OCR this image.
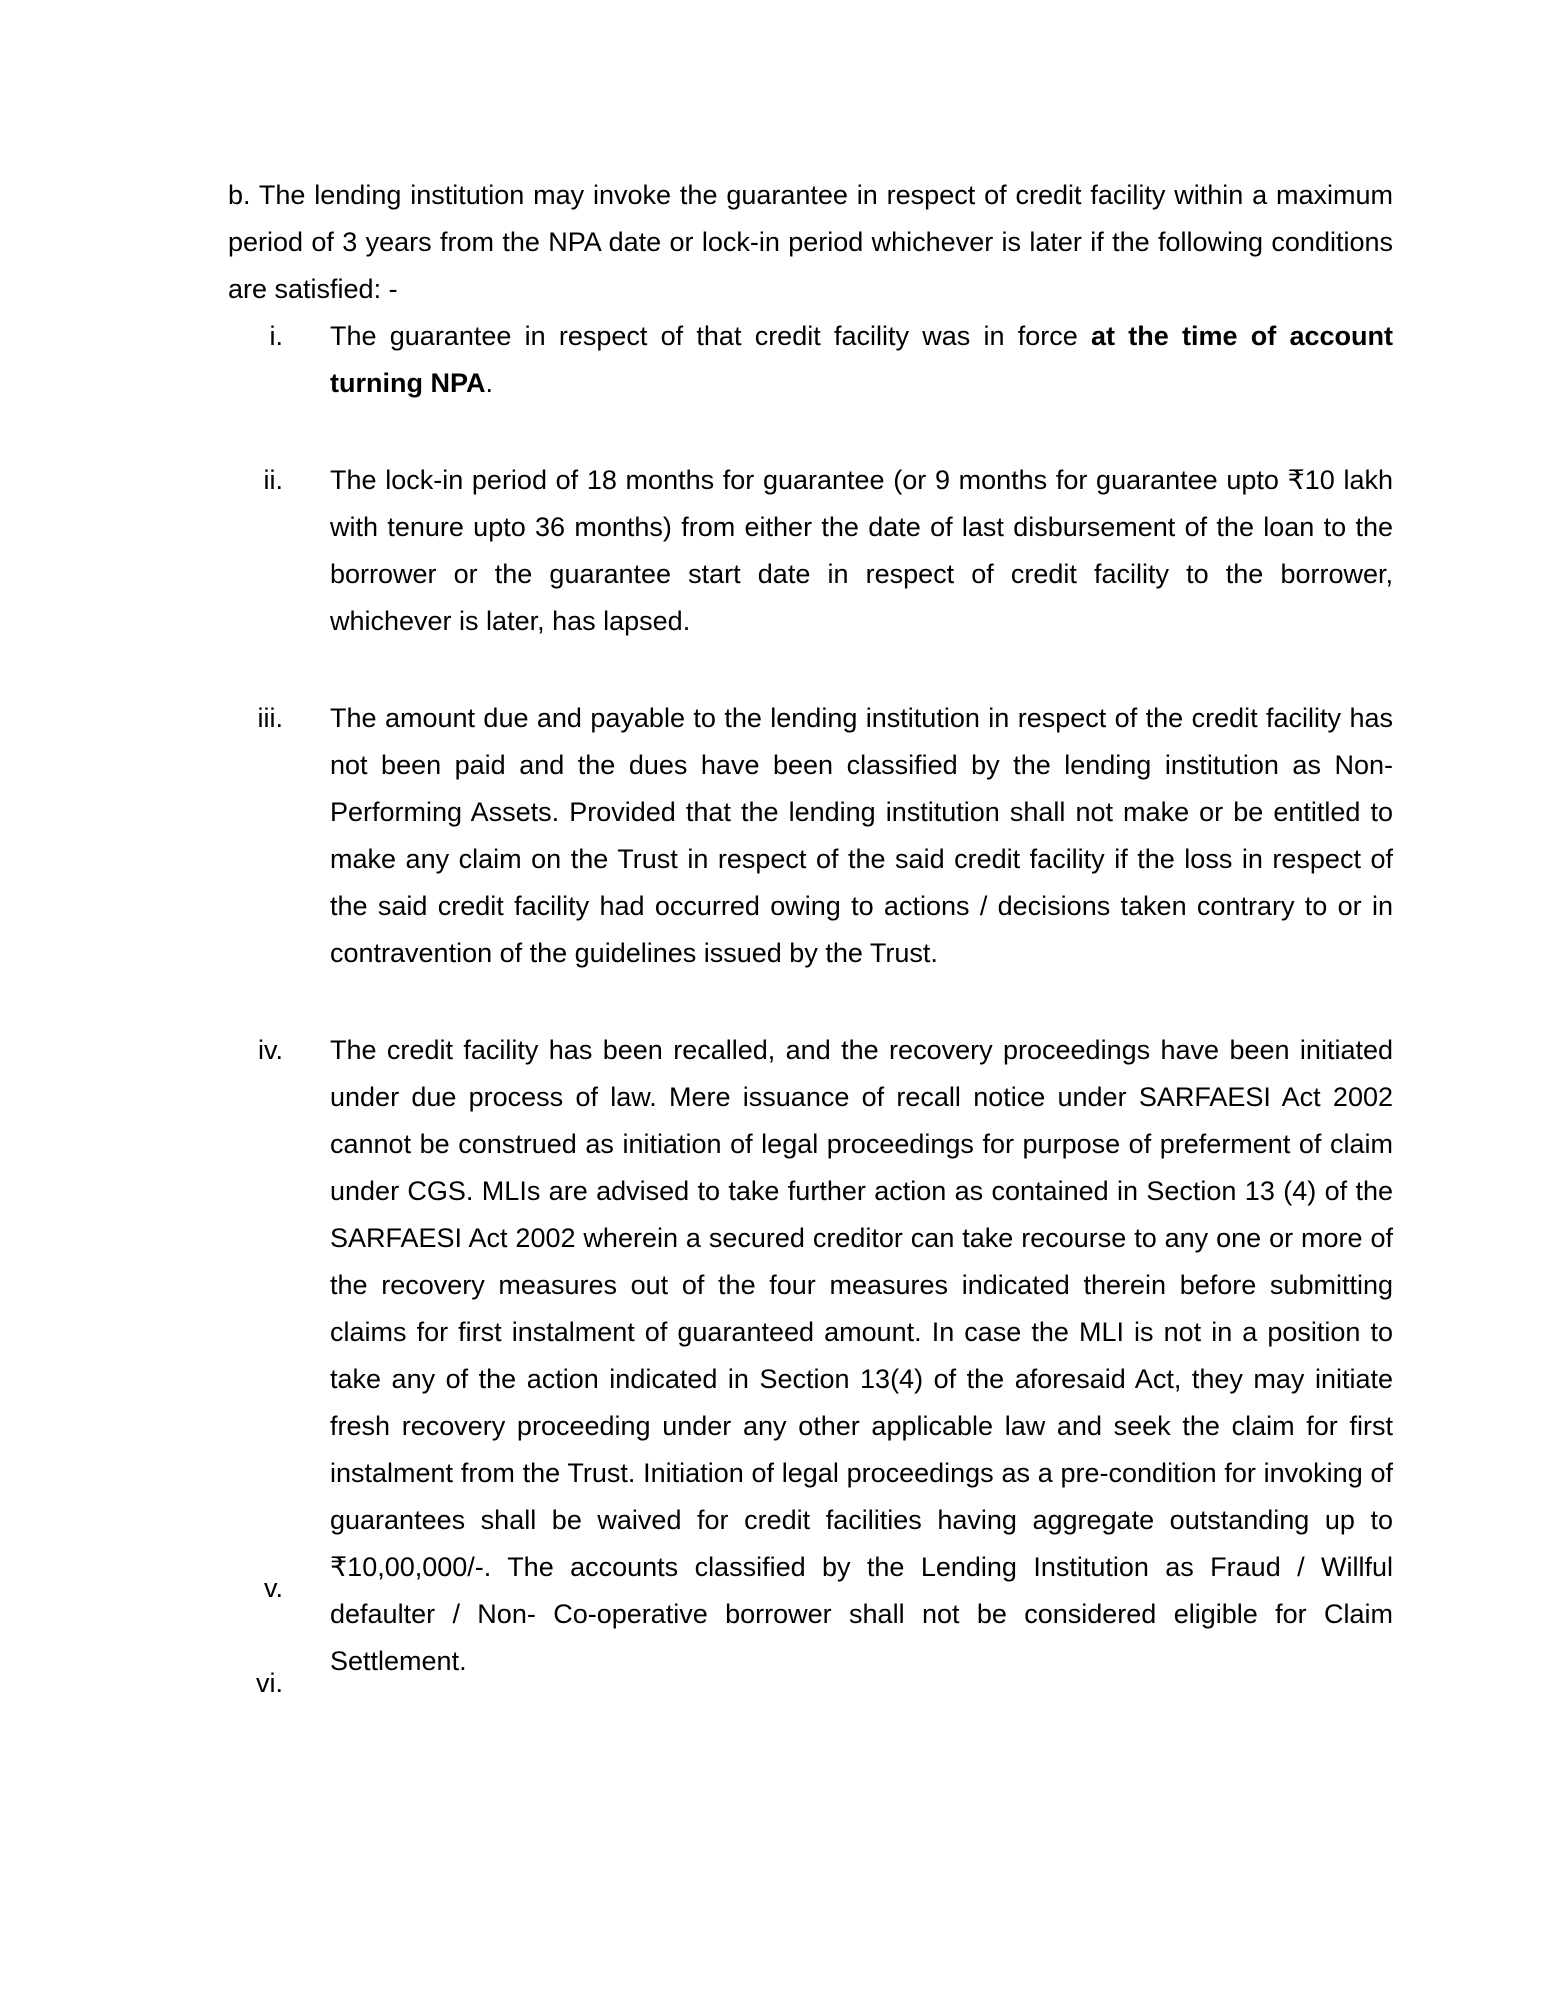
b. The lending institution may invoke the guarantee in respect of credit facility within a maximum period of 3 years from the NPA date or lock-in period whichever is later if the following conditions are satisfied: -

i. The guarantee in respect of that credit facility was in force at the time of account turning NPA.
ii. The lock-in period of 18 months for guarantee (or 9 months for guarantee upto ₹10 lakh with tenure upto 36 months) from either the date of last disbursement of the loan to the borrower or the guarantee start date in respect of credit facility to the borrower, whichever is later, has lapsed.
iii. The amount due and payable to the lending institution in respect of the credit facility has not been paid and the dues have been classified by the lending institution as Non-Performing Assets. Provided that the lending institution shall not make or be entitled to make any claim on the Trust in respect of the said credit facility if the loss in respect of the said credit facility had occurred owing to actions / decisions taken contrary to or in contravention of the guidelines issued by the Trust.
iv. The credit facility has been recalled, and the recovery proceedings have been initiated under due process of law. Mere issuance of recall notice under SARFAESI Act 2002 cannot be construed as initiation of legal proceedings for purpose of preferment of claim under CGS. MLIs are advised to take further action as contained in Section 13 (4) of the SARFAESI Act 2002 wherein a secured creditor can take recourse to any one or more of the recovery measures out of the four measures indicated therein before submitting claims for first instalment of guaranteed amount. In case the MLI is not in a position to take any of the action indicated in Section 13(4) of the aforesaid Act, they may initiate fresh recovery proceeding under any other applicable law and seek the claim for first instalment from the Trust. Initiation of legal proceedings as a pre-condition for invoking of guarantees shall be waived for credit facilities having aggregate outstanding up to ₹10,00,000/-. The accounts classified by the Lending Institution as Fraud / Willful defaulter / Non- Co-operative borrower shall not be considered eligible for Claim Settlement.
v.
vi.
